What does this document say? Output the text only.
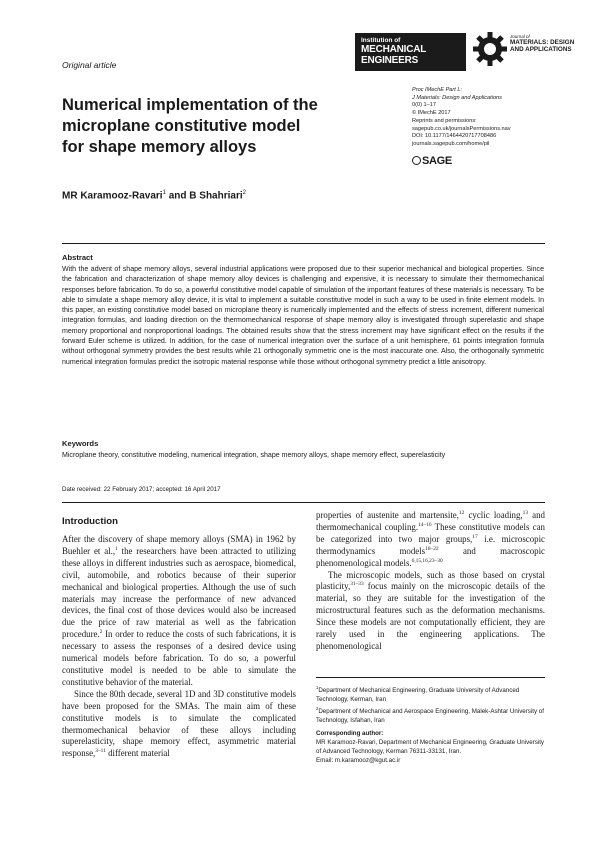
Original article
Institution of
MECHANICAL
ENGINEERS
Journal of
MATERIALS: DESIGN
AND APPLICATIONS
Numerical implementation of the
microplane constitutive model
for shape memory alloys
Proc IMechE Part L:
J Materials: Design and Applications
0(0) 1–17
© IMechE 2017
Reprints and permissions:
sagepub.co.uk/journalsPermissions.nav
DOI: 10.1177/1464420717708486
journals.sagepub.com/home/pil
SAGE
MR Karamooz-Ravari$^1$ and B Shahriari$^2$
Abstract
With the advent of shape memory alloys, several industrial applications were proposed due to their superior mechanical and biological properties. Since the fabrication and characterization of shape memory alloy devices is challenging and expensive, it is necessary to simulate their thermomechanical responses before fabrication. To do so, a powerful constitutive model capable of simulation of the important features of these materials is necessary. To be able to simulate a shape memory alloy device, it is vital to implement a suitable constitutive model in such a way to be used in finite element models. In this paper, an existing constitutive model based on microplane theory is numerically implemented and the effects of stress increment, different numerical integration formulas, and loading direction on the thermomechanical response of shape memory alloy is investigated through superelastic and shape memory proportional and nonproportional loadings. The obtained results show that the stress increment may have significant effect on the results if the forward Euler scheme is utilized. In addition, for the case of numerical integration over the surface of a unit hemisphere, 61 points integration formula without orthogonal symmetry provides the best results while 21 orthogonally symmetric one is the most inaccurate one. Also, the orthogonally symmetric numerical integration formulas predict the isotropic material response while those without orthogonal symmetry predict a little anisotropy.
Keywords
Microplane theory, constitutive modeling, numerical integration, shape memory alloys, shape memory effect, superelasticity
Date received: 22 February 2017; accepted: 16 April 2017
Introduction

After the discovery of shape memory alloys (SMA) in 1962 by Buehler et al.,$^1$ the researchers have been attracted to utilizing these alloys in different industries such as aerospace, biomedical, civil, automobile, and robotics because of their superior mechanical and biological properties. Although the use of such materials may increase the performance of new advanced devices, the final cost of those devices would also be increased due the price of raw material as well as the fabrication procedure.$^2$ In order to reduce the costs of such fabrications, it is necessary to assess the responses of a desired device using numerical models before fabrication. To do so, a powerful constitutive model is needed to be able to simulate the constitutive behavior of the material.

Since the 80th decade, several 1D and 3D constitutive models have been proposed for the SMAs. The main aim of these constitutive models is to simulate the complicated thermomechanical behavior of these alloys including superelasticity, shape memory effect, asymmetric material response,$^{3-11}$ different material

properties of austenite and martensite,$^{12}$ cyclic loading,$^{13}$ and thermomechanical coupling.$^{14-16}$ These constitutive models can be categorized into two major groups,$^{17}$ i.e. microscopic thermodynamics models$^{18-22}$ and macroscopic phenomenological models.$^{6,15,16,23-30}$

The microscopic models, such as those based on crystal plasticity,$^{31-33}$ focus mainly on the microscopic details of the material, so they are suitable for the investigation of the microstructural features such as the deformation mechanisms. Since these models are not computationally efficient, they are rarely used in the engineering applications. The phenomenological

$^1$Department of Mechanical Engineering, Graduate University of Advanced Technology, Kerman, Iran

$^2$Department of Mechanical and Aerospace Engineering, Malek-Ashtar University of Technology, Isfahan, Iran

Corresponding author:

MR Karamooz-Ravari, Department of Mechanical Engineering, Graduate University of Advanced Technology, Kerman 76311-33131, Iran.

Email: m.karamooz@kgut.ac.ir
